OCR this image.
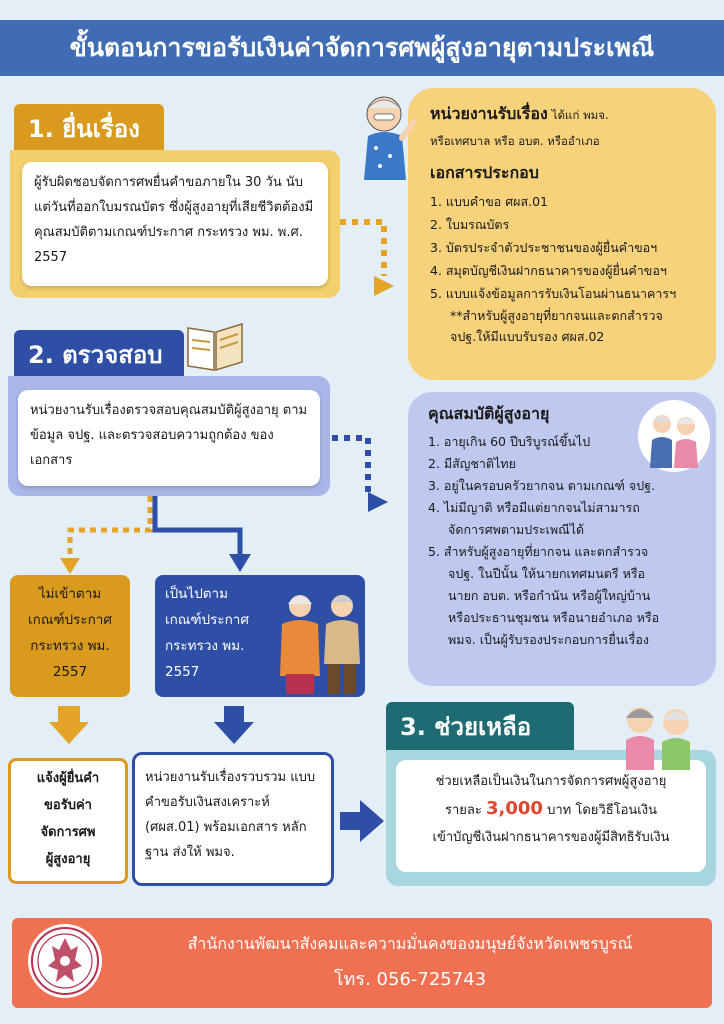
ขั้นตอนการขอรับเงินค่าจัดการศพผู้สูงอายุตามประเพณี
1. ยื่นเรื่อง
ผู้รับผิดชอบจัดการศพยื่นคำขอภายใน 30 วัน นับแต่วันที่ออกใบมรณบัตร ซึ่งผู้สูงอายุที่เสียชีวิตต้องมีคุณสมบัติตามเกณฑ์ประกาศ กระทรวง พม. พ.ศ. 2557
หน่วยงานรับเรื่อง ได้แก่ พมจ.
หรือเทศบาล หรือ อบต. หรืออำเภอ
เอกสารประกอบ
1. แบบคำขอ ศผส.01
2. ใบมรณบัตร
3. บัตรประจำตัวประชาชนของผู้ยื่นคำขอฯ
4. สมุดบัญชีเงินฝากธนาคารของผู้ยื่นคำขอฯ
5. แบบแจ้งข้อมูลการรับเงินโอนผ่านธนาคารฯ
**สำหรับผู้สูงอายุที่ยากจนและตกสำรวจ
จปฐ.ให้มีแบบรับรอง ศผส.02
2. ตรวจสอบ
หน่วยงานรับเรื่องตรวจสอบคุณสมบัติผู้สูงอายุ ตามข้อมูล จปฐ. และตรวจสอบความถูกต้อง ของเอกสาร
คุณสมบัติผู้สูงอายุ
1. อายุเกิน 60 ปีบริบูรณ์ขึ้นไป
2. มีสัญชาติไทย
3. อยู่ในครอบครัวยากจน ตามเกณฑ์ จปฐ.
4. ไม่มีญาติ หรือมีแต่ยากจนไม่สามารถ
จัดการศพตามประเพณีได้
5. สำหรับผู้สูงอายุที่ยากจน และตกสำรวจ
จปฐ. ในปีนั้น ให้นายกเทศมนตรี หรือ
นายก อบต. หรือกำนัน หรือผู้ใหญ่บ้าน
หรือประธานชุมชน หรือนายอำเภอ หรือ
พมจ. เป็นผู้รับรองประกอบการยื่นเรื่อง
ไม่เข้าตาม
เกณฑ์ประกาศ
กระทรวง พม.
2557
เป็นไปตาม
เกณฑ์ประกาศ
กระทรวง พม.
2557
แจ้งผู้ยื่นคำ
ขอรับค่า
จัดการศพ
ผู้สูงอายุ
หน่วยงานรับเรื่องรวบรวม แบบคำขอรับเงินสงเคราะห์ (ศผส.01) พร้อมเอกสาร หลักฐาน ส่งให้ พมจ.
3. ช่วยเหลือ
ช่วยเหลือเป็นเงินในการจัดการศพผู้สูงอายุ
รายละ 3,000 บาท โดยวิธีโอนเงิน
เข้าบัญชีเงินฝากธนาคารของผู้มีสิทธิรับเงิน
สำนักงานพัฒนาสังคมและความมั่นคงของมนุษย์จังหวัดเพชรบูรณ์
โทร. 056-725743
